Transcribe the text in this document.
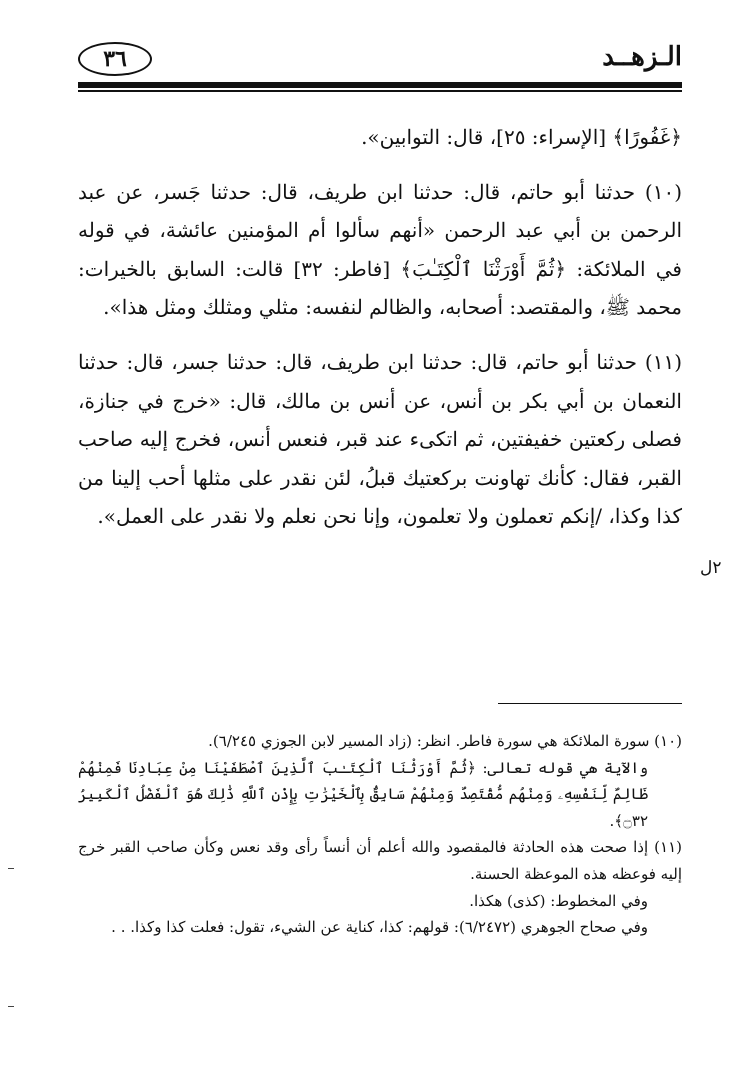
٣٦	الـزهــد

﴿غَفُورًا﴾ [الإسراء: ٢٥]، قال: التوابين».

(١٠) حدثنا أبو حاتم، قال: حدثنا ابن طريف، قال: حدثنا جَسر، عن عبد الرحمن بن أبي عبد الرحمن «أنهم سألوا أم المؤمنين عائشة، في قوله في الملائكة: ﴿ثُمَّ أَوْرَثْنَا ٱلْكِتَـٰبَ﴾ [فاطر: ٣٢] قالت: السابق بالخيرات: محمد ﷺ، والمقتصد: أصحابه، والظالم لنفسه: مثلي ومثلك ومثل هذا».

(١١) حدثنا أبو حاتم، قال: حدثنا ابن طريف، قال: حدثنا جسر، قال: حدثنا النعمان بن أبي بكر بن أنس، عن أنس بن مالك، قال: «خرج في جنازة، فصلى ركعتين خفيفتين، ثم اتكىء عند قبر، فنعس أنس، فخرج إليه صاحب القبر، فقال: كأنك تهاونت بركعتيك قبلُ، لئن نقدر على مثلها أحب إلينا من كذا وكذا، /إنكم تعملون ولا تعلمون، وإنا نحن نعلم ولا نقدر على العمل».

٢ل

(١٠) سورة الملائكة هي سورة فاطر. انظر: (زاد المسير لابن الجوزي ٦/٢٤٥).

والآية هي قوله تعالى: ﴿ثُمَّ أَوْرَثْنَا ٱلْكِتَـٰبَ ٱلَّذِينَ ٱصْطَفَيْنَا مِنْ عِبَادِنَا فَمِنْهُمْ ظَالِمٌ لِّنَفْسِهِۦ وَمِنْهُم مُّقْتَصِدٌ وَمِنْهُمْ سَابِقٌۢ بِٱلْخَيْرَٰتِ بِإِذْنِ ٱللَّهِ ذَٰلِكَ هُوَ ٱلْفَضْلُ ٱلْكَبِيرُ ۝٣٢﴾.

(١١) إذا صحت هذه الحادثة فالمقصود والله أعلم أن أنساً رأى وقد نعس وكأن صاحب القبر خرج إليه فوعظه هذه الموعظة الحسنة.

وفي المخطوط: (كذى) هكذا.

وفي صحاح الجوهري (٦/٢٤٧٢): قولهم: كذا، كناية عن الشيء، تقول: فعلت كذا وكذا. . .
